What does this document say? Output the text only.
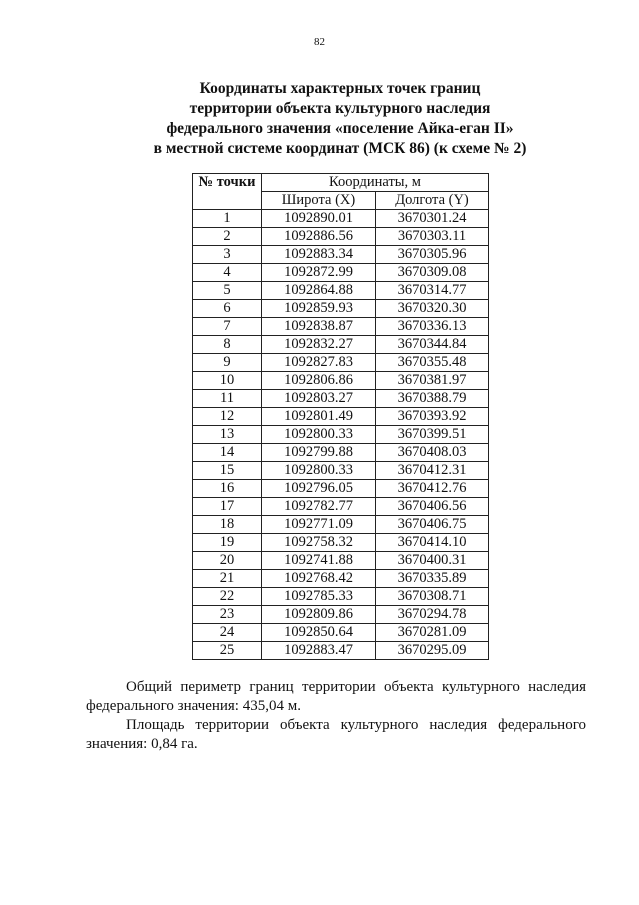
82
Координаты характерных точек границ
территории объекта культурного наследия
федерального значения «поселение Айка-еган II»
в местной системе координат (МСК 86) (к схеме № 2)
№ точки	Координаты, м	
	Широта (X)	Долгота (Y)
1	1092890.01	3670301.24
2	1092886.56	3670303.11
3	1092883.34	3670305.96
4	1092872.99	3670309.08
5	1092864.88	3670314.77
6	1092859.93	3670320.30
7	1092838.87	3670336.13
8	1092832.27	3670344.84
9	1092827.83	3670355.48
10	1092806.86	3670381.97
11	1092803.27	3670388.79
12	1092801.49	3670393.92
13	1092800.33	3670399.51
14	1092799.88	3670408.03
15	1092800.33	3670412.31
16	1092796.05	3670412.76
17	1092782.77	3670406.56
18	1092771.09	3670406.75
19	1092758.32	3670414.10
20	1092741.88	3670400.31
21	1092768.42	3670335.89
22	1092785.33	3670308.71
23	1092809.86	3670294.78
24	1092850.64	3670281.09
25	1092883.47	3670295.09
Общий периметр границ территории объекта культурного наследия
федерального значения: 435,04 м.
Площадь территории объекта культурного наследия федерального
значения: 0,84 га.
